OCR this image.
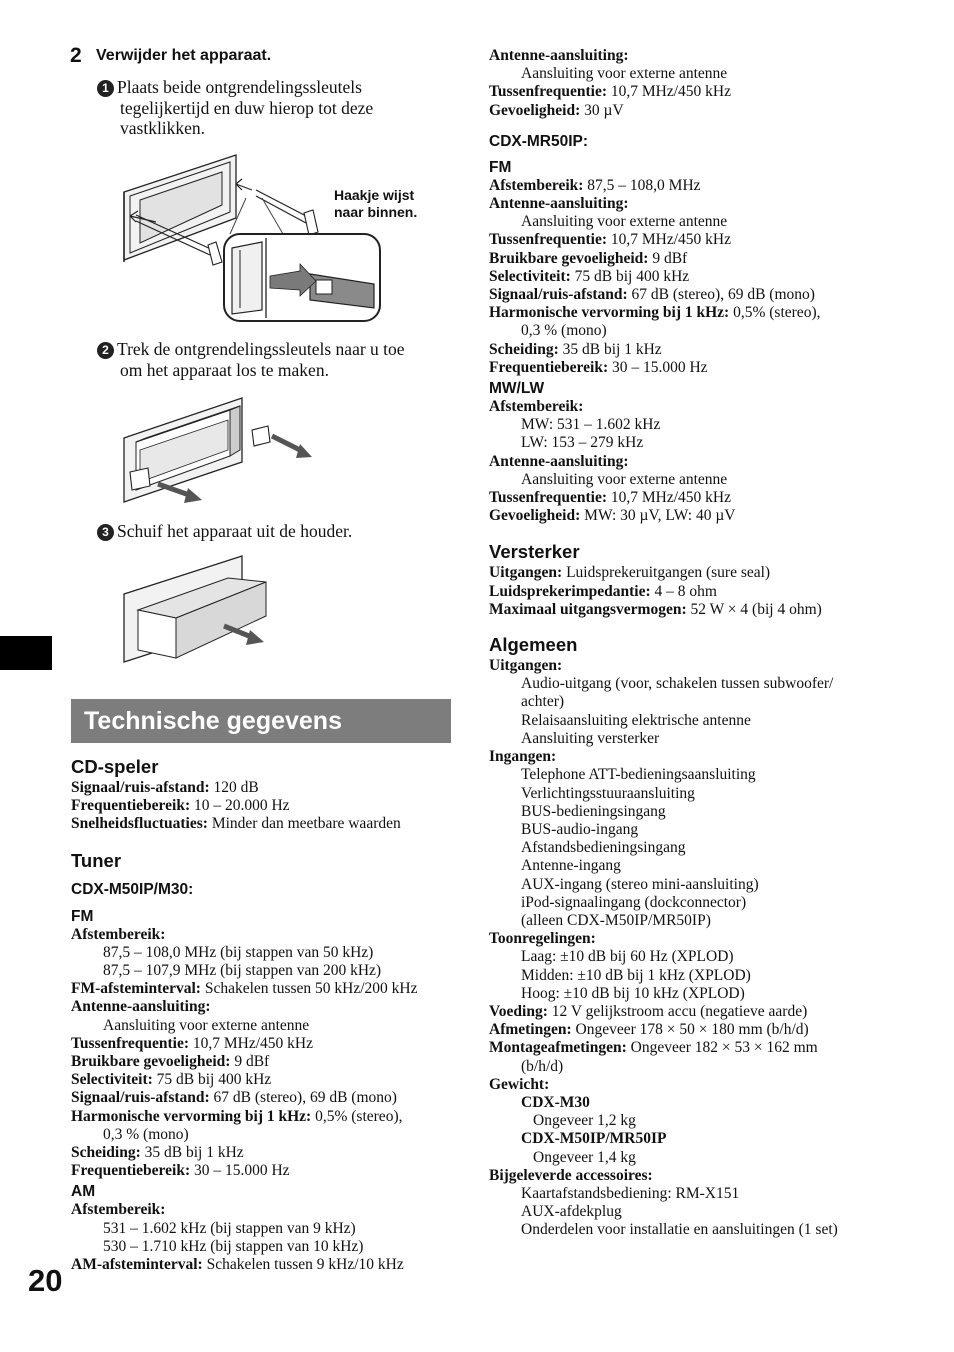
2 Verwijder het apparaat.
1 Plaats beide ontgrendelingssleutels
tegelijkertijd en duw hierop tot deze
vastklikken.
Haakje wijst
naar binnen.
2 Trek de ontgrendelingssleutels naar u toe
om het apparaat los te maken.
3 Schuif het apparaat uit de houder.
Technische gegevens
CD-speler
Signaal/ruis-afstand: 120 dB
Frequentiebereik: 10 – 20.000 Hz
Snelheidsfluctuaties: Minder dan meetbare waarden
Tuner
CDX-M50IP/M30:
FM
Afstembereik:
87,5 – 108,0 MHz (bij stappen van 50 kHz)
87,5 – 107,9 MHz (bij stappen van 200 kHz)
FM-afsteminterval: Schakelen tussen 50 kHz/200 kHz
Antenne-aansluiting:
Aansluiting voor externe antenne
Tussenfrequentie: 10,7 MHz/450 kHz
Bruikbare gevoeligheid: 9 dBf
Selectiviteit: 75 dB bij 400 kHz
Signaal/ruis-afstand: 67 dB (stereo), 69 dB (mono)
Harmonische vervorming bij 1 kHz: 0,5% (stereo),
0,3 % (mono)
Scheiding: 35 dB bij 1 kHz
Frequentiebereik: 30 – 15.000 Hz
AM
Afstembereik:
531 – 1.602 kHz (bij stappen van 9 kHz)
530 – 1.710 kHz (bij stappen van 10 kHz)
AM-afsteminterval: Schakelen tussen 9 kHz/10 kHz
Antenne-aansluiting:
Aansluiting voor externe antenne
Tussenfrequentie: 10,7 MHz/450 kHz
Gevoeligheid: 30 µV
CDX-MR50IP:
FM
Afstembereik: 87,5 – 108,0 MHz
Antenne-aansluiting:
Aansluiting voor externe antenne
Tussenfrequentie: 10,7 MHz/450 kHz
Bruikbare gevoeligheid: 9 dBf
Selectiviteit: 75 dB bij 400 kHz
Signaal/ruis-afstand: 67 dB (stereo), 69 dB (mono)
Harmonische vervorming bij 1 kHz: 0,5% (stereo),
0,3 % (mono)
Scheiding: 35 dB bij 1 kHz
Frequentiebereik: 30 – 15.000 Hz
MW/LW
Afstembereik:
MW: 531 – 1.602 kHz
LW: 153 – 279 kHz
Antenne-aansluiting:
Aansluiting voor externe antenne
Tussenfrequentie: 10,7 MHz/450 kHz
Gevoeligheid: MW: 30 µV, LW: 40 µV
Versterker
Uitgangen: Luidsprekeruitgangen (sure seal)
Luidsprekerimpedantie: 4 – 8 ohm
Maximaal uitgangsvermogen: 52 W × 4 (bij 4 ohm)
Algemeen
Uitgangen:
Audio-uitgang (voor, schakelen tussen subwoofer/
achter)
Relaisaansluiting elektrische antenne
Aansluiting versterker
Ingangen:
Telephone ATT-bedieningsaansluiting
Verlichtingsstuuraansluiting
BUS-bedieningsingang
BUS-audio-ingang
Afstandsbedieningsingang
Antenne-ingang
AUX-ingang (stereo mini-aansluiting)
iPod-signaalingang (dockconnector)
(alleen CDX-M50IP/MR50IP)
Toonregelingen:
Laag: ±10 dB bij 60 Hz (XPLOD)
Midden: ±10 dB bij 1 kHz (XPLOD)
Hoog: ±10 dB bij 10 kHz (XPLOD)
Voeding: 12 V gelijkstroom accu (negatieve aarde)
Afmetingen: Ongeveer 178 × 50 × 180 mm (b/h/d)
Montageafmetingen: Ongeveer 182 × 53 × 162 mm
(b/h/d)
Gewicht:
CDX-M30
Ongeveer 1,2 kg
CDX-M50IP/MR50IP
Ongeveer 1,4 kg
Bijgeleverde accessoires:
Kaartafstandsbediening: RM-X151
AUX-afdekplug
Onderdelen voor installatie en aansluitingen (1 set)
20
